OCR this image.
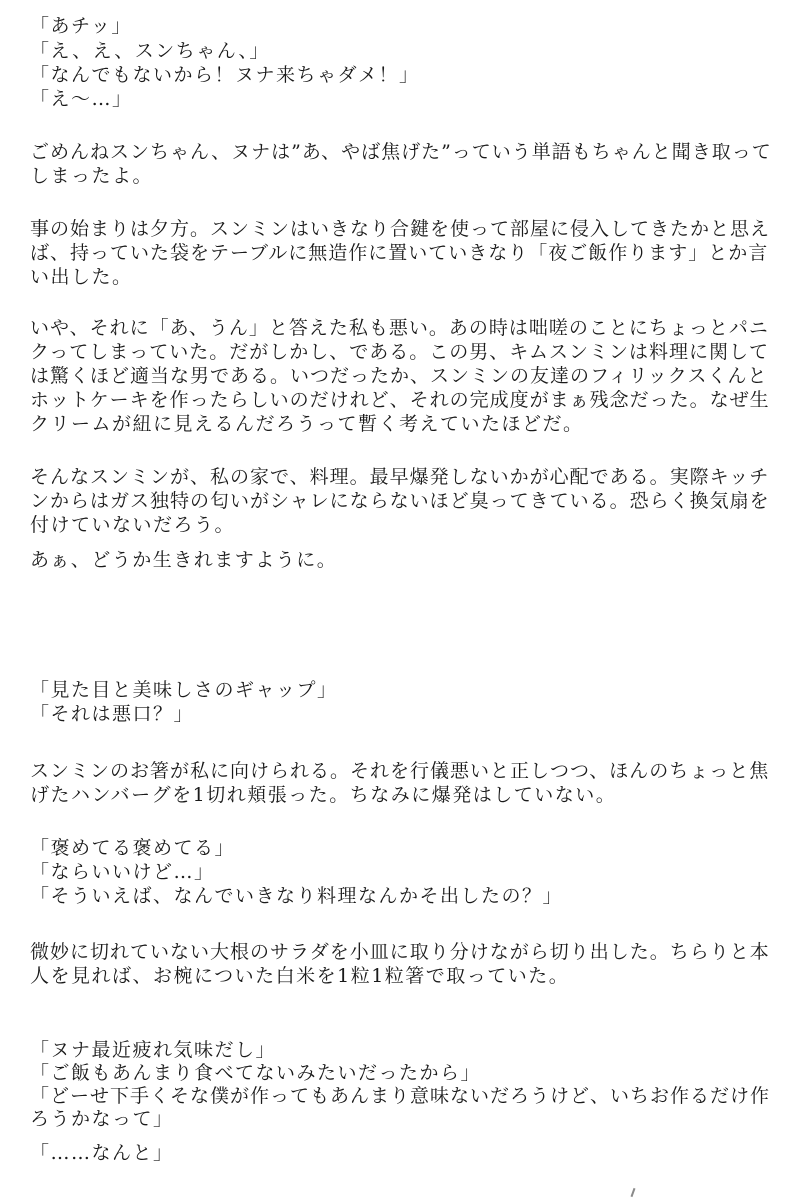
「あチッ」

「え、え、スンちゃん、」

「なんでもないから！ヌナ来ちゃダメ！」

「え～…」

ごめんねスンちゃん、ヌナは”あ、やば焦げた”っていう単語もちゃんと聞き取って

しまったよ。

事の始まりは夕方。スンミンはいきなり合鍵を使って部屋に侵入してきたかと思え

ば、持っていた袋をテーブルに無造作に置いていきなり「夜ご飯作ります」とか言

い出した。

いや、それに「あ、うん」と答えた私も悪い。あの時は咄嗟のことにちょっとパニ

クってしまっていた。だがしかし、である。この男、キムスンミンは料理に関して

は驚くほど適当な男である。いつだったか、スンミンの友達のフィリックスくんと

ホットケーキを作ったらしいのだけれど、それの完成度がまぁ残念だった。なぜ生

クリームが紐に見えるんだろうって暫く考えていたほどだ。

そんなスンミンが、私の家で、料理。最早爆発しないかが心配である。実際キッチ

ンからはガス独特の匂いがシャレにならないほど臭ってきている。恐らく換気扇を

付けていないだろう。

あぁ、どうか生きれますように。

「見た目と美味しさのギャップ」

「それは悪口？」

スンミンのお箸が私に向けられる。それを行儀悪いと正しつつ、ほんのちょっと焦

げたハンバーグを1切れ頬張った。ちなみに爆発はしていない。

「褒めてる褒めてる」

「ならいいけど…」

「そういえば、なんでいきなり料理なんかそ出したの？」

微妙に切れていない大根のサラダを小皿に取り分けながら切り出した。ちらりと本

人を見れば、お椀についた白米を1粒1粒箸で取っていた。

「ヌナ最近疲れ気味だし」

「ご飯もあんまり食べてないみたいだったから」

「どーせ下手くそな僕が作ってもあんまり意味ないだろうけど、いちお作るだけ作

ろうかなって」

「……なんと」
